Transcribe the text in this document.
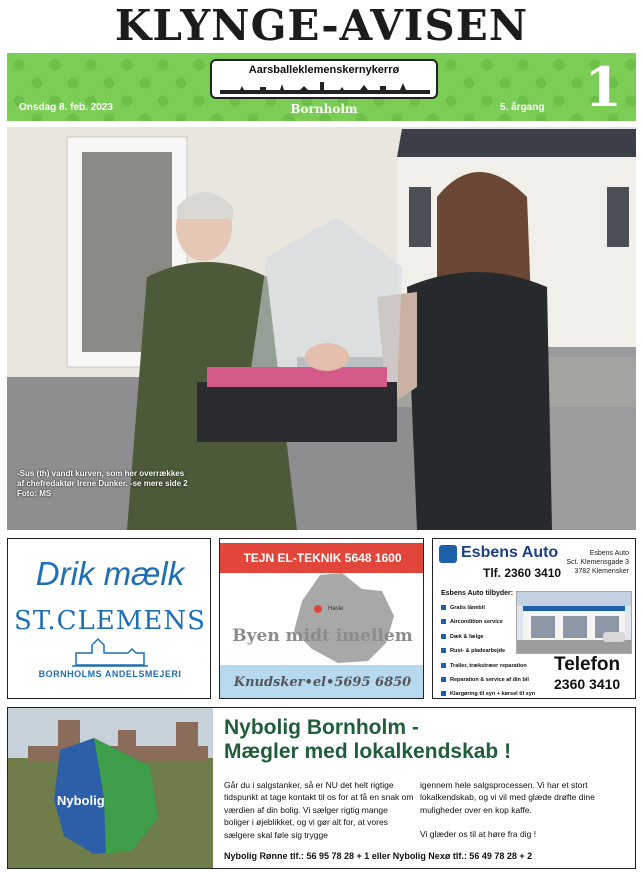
KLYNGE-AVISEN
Aarsballeklemenskernykerrø
Bornholm
Onsdag 8. feb. 2023	5. årgang 1
-Sus (th) vandt kurven, som her overrækkes
af chefredaktør Irene Dunker. -se mere side 2
Foto: MS
Drik mælk
ST.CLEMENS
BORNHOLMS ANDELSMEJERI
TEJN EL-TEKNIK 5648 1600
Hasle
Byen midt imellem
Knudsker•el•5695 6850
Esbens Auto
Tlf. 2360 3410
Esbens Auto
Sct. Klemensgade 3
3782 Klemensker
Esbens Auto tilbyder:
Gratis lånebil
Aircondition service
Dæk & fælge
Rust- & pladearbejde
Trailer, trækstræer reparation
Reparation & service af din bil
Klargøring til syn + kørsel til syn
Telefon
2360 3410
Nybolig
Nybolig Bornholm -
Mægler med lokalkendskab !
Går du i salgstanker, så er NU det helt rigtige tidspunkt at tage kontakt til os for at få en snak om værdien af din bolig. Vi sælger rigtig mange boliger i øjeblikket, og vi gør alt for, at vores sælgere skal føle sig trygge
igennem hele salgsprocessen. Vi har et stort lokalkendskab, og vi vil med glæde drøfte dine muligheder over en kop kaffe.
Vi glæder os til at høre fra dig !
Nybolig Rønne tlf.: 56 95 78 28 + 1 eller Nybolig Nexø tlf.: 56 49 78 28 + 2
